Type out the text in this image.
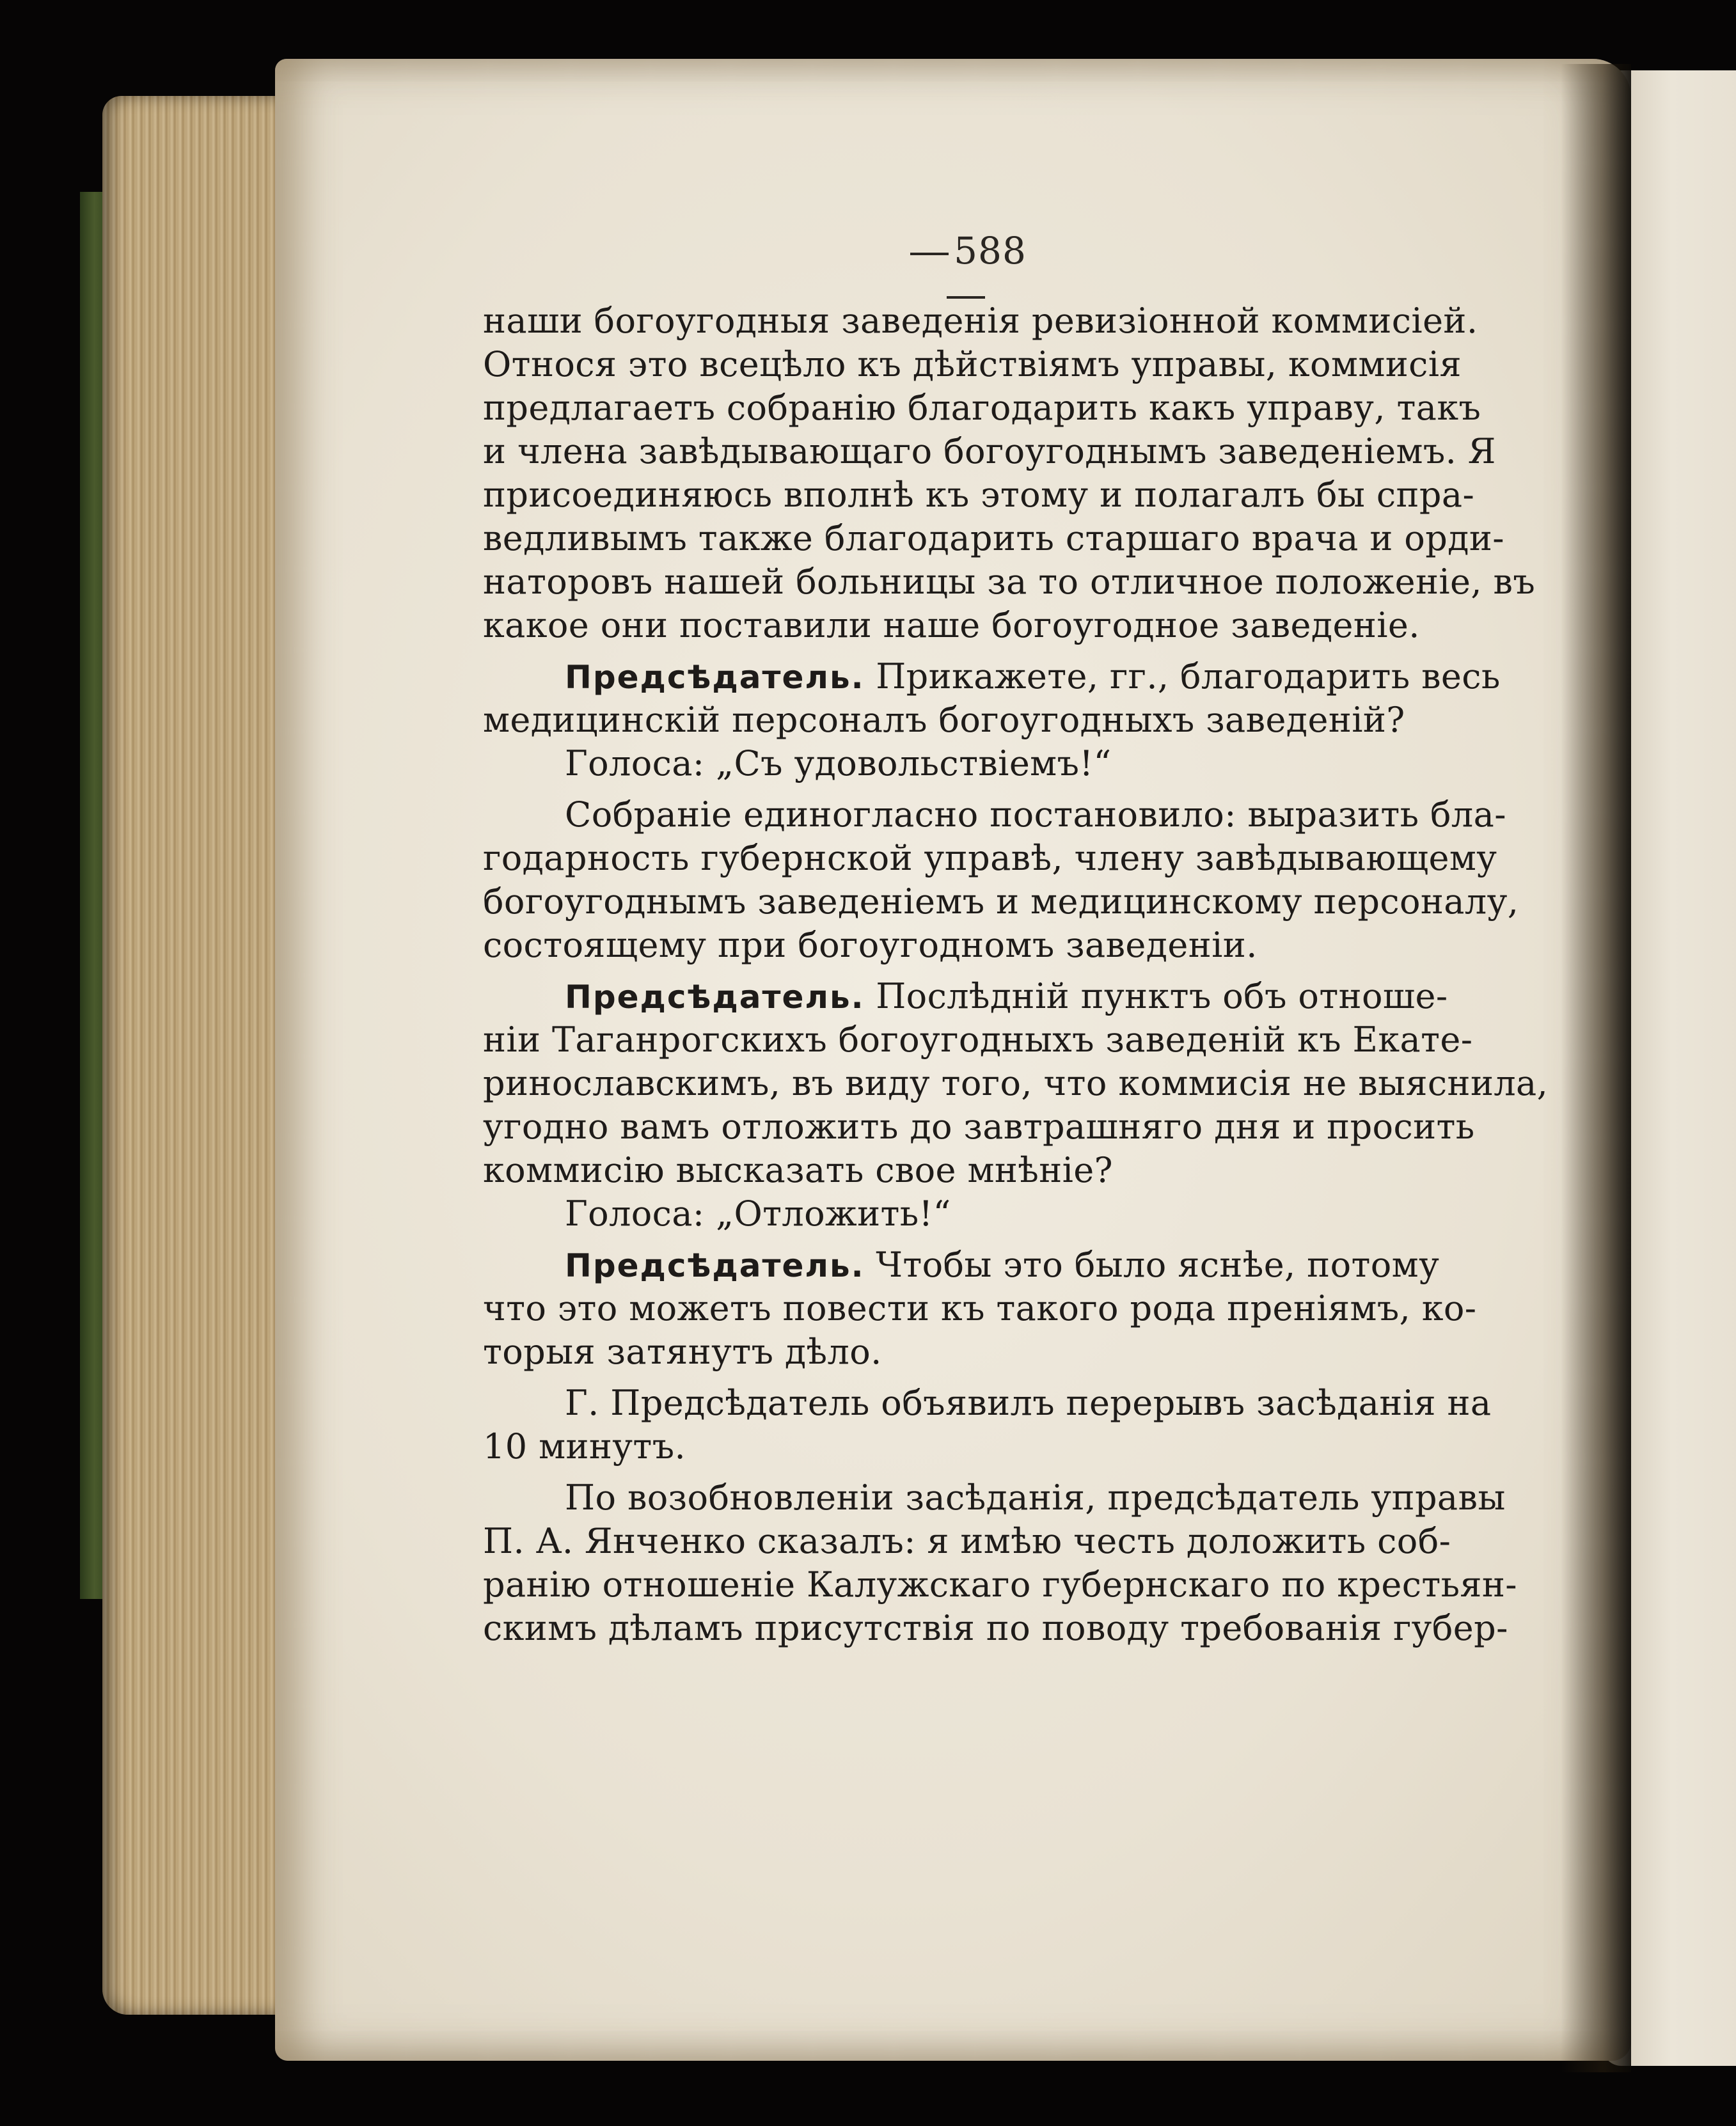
588
наши богоугодныя заведенія ревизіонной коммисіей.
Относя это всецѣло къ дѣйствіямъ управы, коммисія
предлагаетъ собранію благодарить какъ управу, такъ
и члена завѣдывающаго богоугоднымъ заведеніемъ. Я
присоединяюсь вполнѣ къ этому и полагалъ бы спра-
ведливымъ также благодарить старшаго врача и орди-
наторовъ нашей больницы за то отличное положеніе, въ
какое они поставили наше богоугодное заведеніе.
Предсѣдатель. Прикажете, гг., благодарить весь
медицинскій персоналъ богоугодныхъ заведеній?
Голоса: „Съ удовольствіемъ!“
Собраніе единогласно постановило: выразить бла-
годарность губернской управѣ, члену завѣдывающему
богоугоднымъ заведеніемъ и медицинскому персоналу,
состоящему при богоугодномъ заведеніи.
Предсѣдатель. Послѣдній пунктъ объ отноше-
ніи Таганрогскихъ богоугодныхъ заведеній къ Екате-
ринославскимъ, въ виду того, что коммисія не выяснила,
угодно вамъ отложить до завтрашняго дня и просить
коммисію высказать свое мнѣніе?
Голоса: „Отложить!“
Предсѣдатель. Чтобы это было яснѣе, потому
что это можетъ повести къ такого рода преніямъ, ко-
торыя затянутъ дѣло.
Г. Предсѣдатель объявилъ перерывъ засѣданія на
10 минутъ.
По возобновленіи засѣданія, предсѣдатель управы
П. А. Янченко сказалъ: я имѣю честь доложить соб-
ранію отношеніе Калужскаго губернскаго по крестьян-
скимъ дѣламъ присутствія по поводу требованія губер-
